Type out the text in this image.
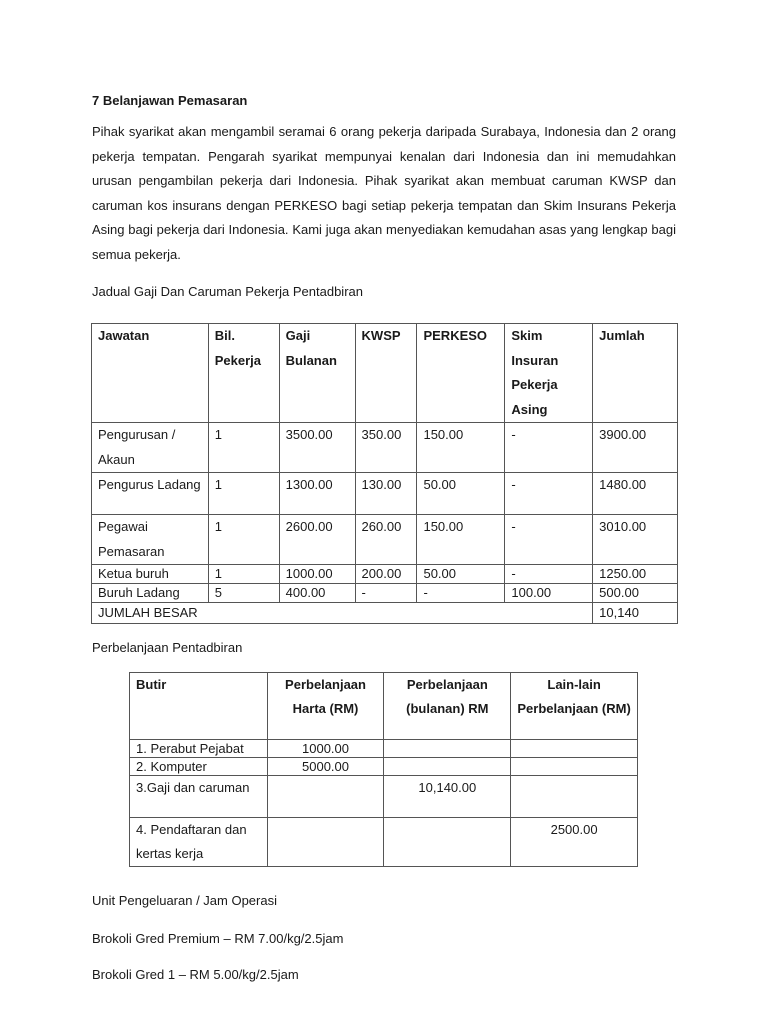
7 Belanjawan Pemasaran

Pihak syarikat akan mengambil seramai 6 orang pekerja daripada Surabaya, Indonesia dan 2 orang pekerja tempatan. Pengarah syarikat mempunyai kenalan dari Indonesia dan ini memudahkan urusan pengambilan pekerja dari Indonesia. Pihak syarikat akan membuat caruman KWSP dan caruman kos insurans dengan PERKESO bagi setiap pekerja tempatan dan Skim Insurans Pekerja Asing bagi pekerja dari Indonesia. Kami juga akan menyediakan kemudahan asas yang lengkap bagi semua pekerja.

Jadual Gaji Dan Caruman Pekerja Pentadbiran
Jawatan	Bil. Pekerja	Gaji Bulanan	KWSP	PERKESO	Skim Insuran Pekerja Asing	Jumlah
Pengurusan / Akaun	1	3500.00	350.00	150.00	-	3900.00
Pengurus Ladang	1	1300.00	130.00	50.00	-	1480.00
Pegawai Pemasaran	1	2600.00	260.00	150.00	-	3010.00
Ketua buruh	1	1000.00	200.00	50.00	-	1250.00
Buruh Ladang	5	400.00	-	-	100.00	500.00
JUMLAH BESAR						10,140
Perbelanjaan Pentadbiran
Butir	Perbelanjaan Harta (RM)	Perbelanjaan (bulanan) RM	Lain-lain Perbelanjaan (RM)
1. Perabut Pejabat	1000.00		
2. Komputer	5000.00		
3.Gaji dan caruman		10,140.00	
4. Pendaftaran dan kertas kerja			2500.00
Unit Pengeluaran / Jam Operasi
Brokoli Gred Premium – RM 7.00/kg/2.5jam
Brokoli Gred 1 – RM 5.00/kg/2.5jam
